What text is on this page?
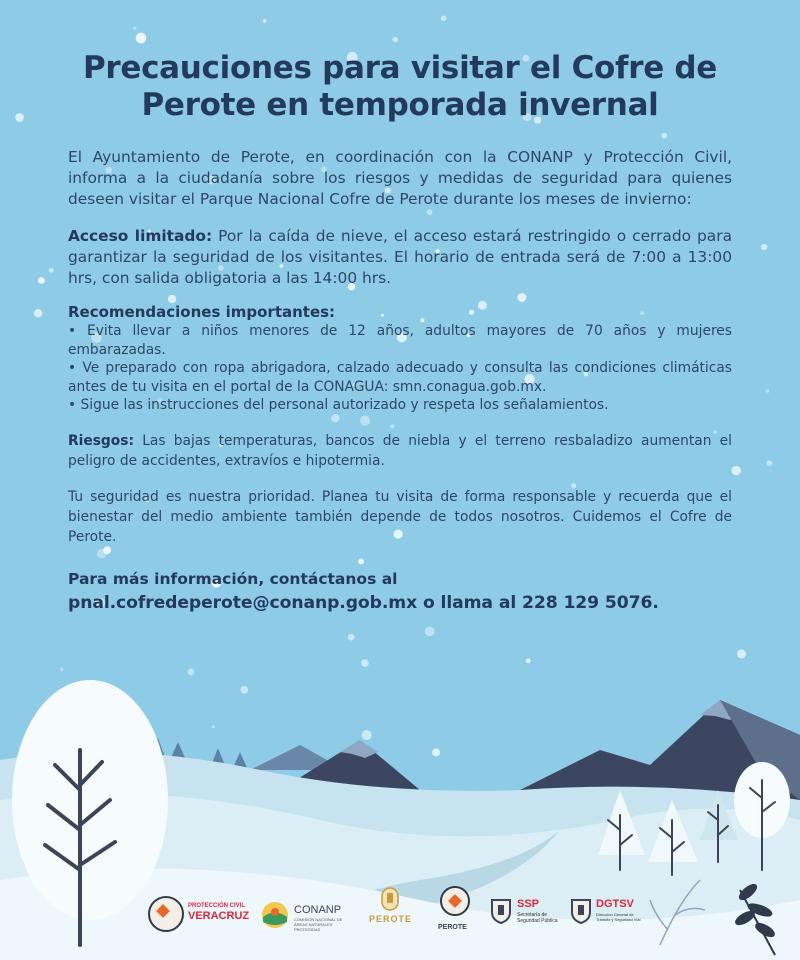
Precauciones para visitar el Cofre de Perote en temporada invernal

El Ayuntamiento de Perote, en coordinación con la CONANP y Protección Civil, informa a la ciudadanía sobre los riesgos y medidas de seguridad para quienes deseen visitar el Parque Nacional Cofre de Perote durante los meses de invierno:

Acceso limitado: Por la caída de nieve, el acceso estará restringido o cerrado para garantizar la seguridad de los visitantes. El horario de entrada será de 7:00 a 13:00 hrs, con salida obligatoria a las 14:00 hrs.

Recomendaciones importantes:

• Evita llevar a niños menores de 12 años, adultos mayores de 70 años y mujeres embarazadas.

• Ve preparado con ropa abrigadora, calzado adecuado y consulta las condiciones climáticas antes de tu visita en el portal de la CONAGUA: smn.conagua.gob.mx.

• Sigue las instrucciones del personal autorizado y respeta los señalamientos.

Riesgos: Las bajas temperaturas, bancos de niebla y el terreno resbaladizo aumentan el peligro de accidentes, extravíos e hipotermia.

Tu seguridad es nuestra prioridad. Planea tu visita de forma responsable y recuerda que el bienestar del medio ambiente también depende de todos nosotros. Cuidemos el Cofre de Perote.

Para más información, contáctanos al

pnal.cofredeperote@conanp.gob.mx o llama al 228 129 5076.

PROTECCIÓN CIVIL
VERACRUZ	CONANP
COMISIÓN NACIONAL DE ÁREAS NATURALES PROTEGIDAS
PEROTE
PEROTE
SSP
Secretaría de Seguridad Pública
DGTSV
Dirección General de Tránsito y Seguridad Vial
